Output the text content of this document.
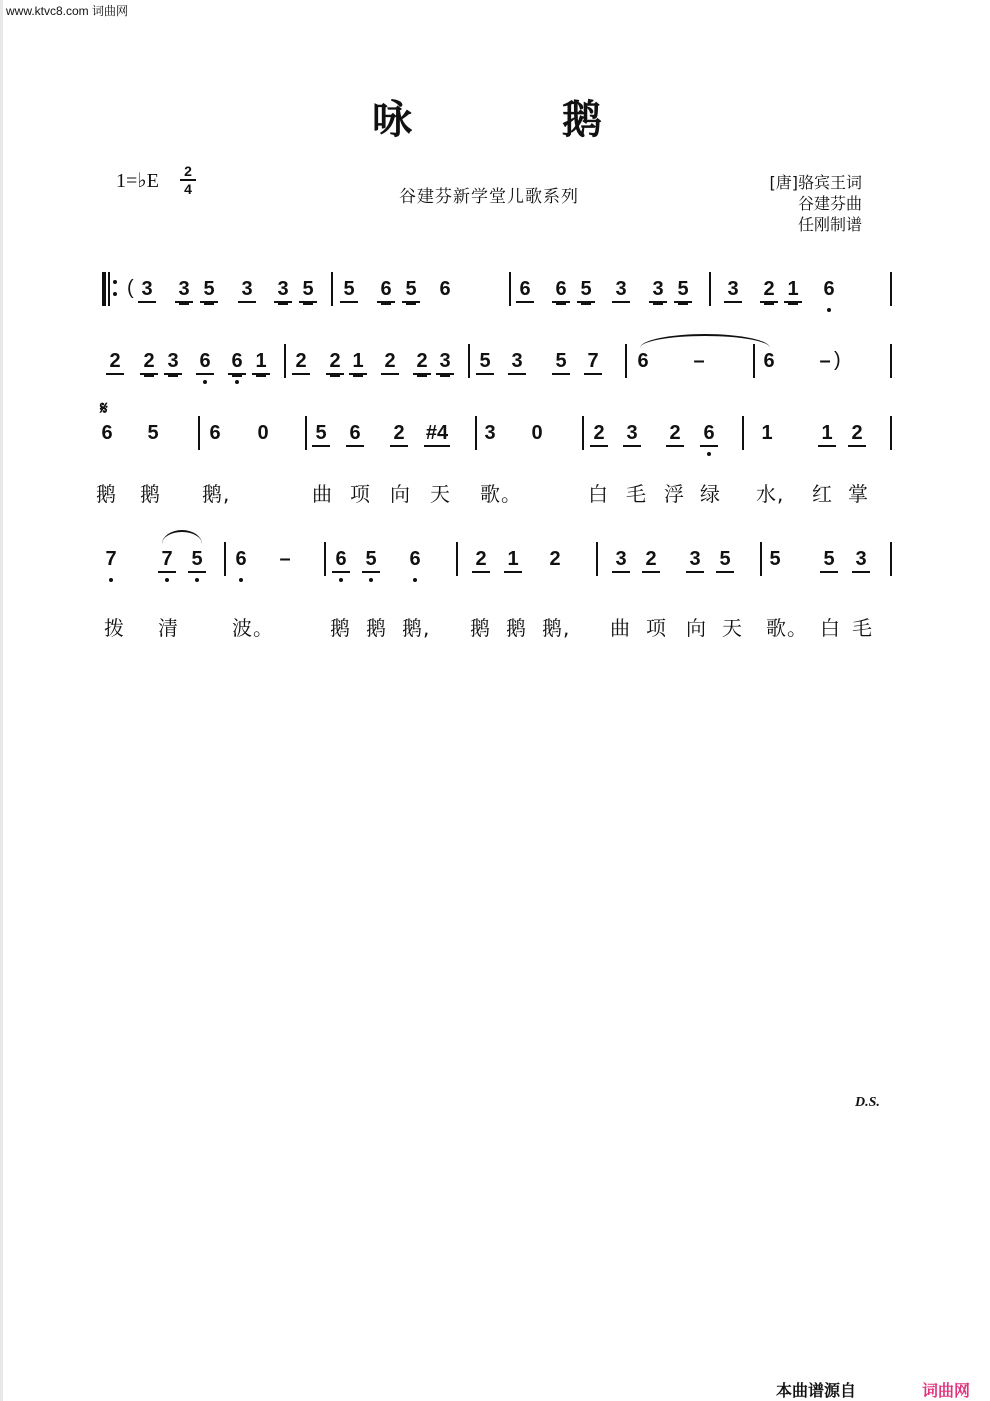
www.ktvc8.com 词曲网
咏鹅
1=♭E 2
4	谷建芬新学堂儿歌系列
[唐]骆宾王词
谷建芬曲
任刚制谱
( 3 3 5 3 3 5 5 6 5 6	6 6 5 3 3 5 3 2 1 6
2 2 3 6 6 1 2 2 1 2 2 3 5 3 5 7 6 –	6 – )
𝄋
6 5	6 0 5 6 2 #4 3 0	2 3 2 6 1 1 2
鹅 鹅 鹅,	曲 项 向 天 歌。	白 毛 浮 绿 水, 红 掌
7 7 5 6 – 6 5 6	2 1 2	3 2 3 5 5 5 3
拨 清	波。	鹅 鹅 鹅, 鹅 鹅 鹅, 曲 项 向 天 歌。 白 毛
D.S.
本曲谱源自	词曲网
